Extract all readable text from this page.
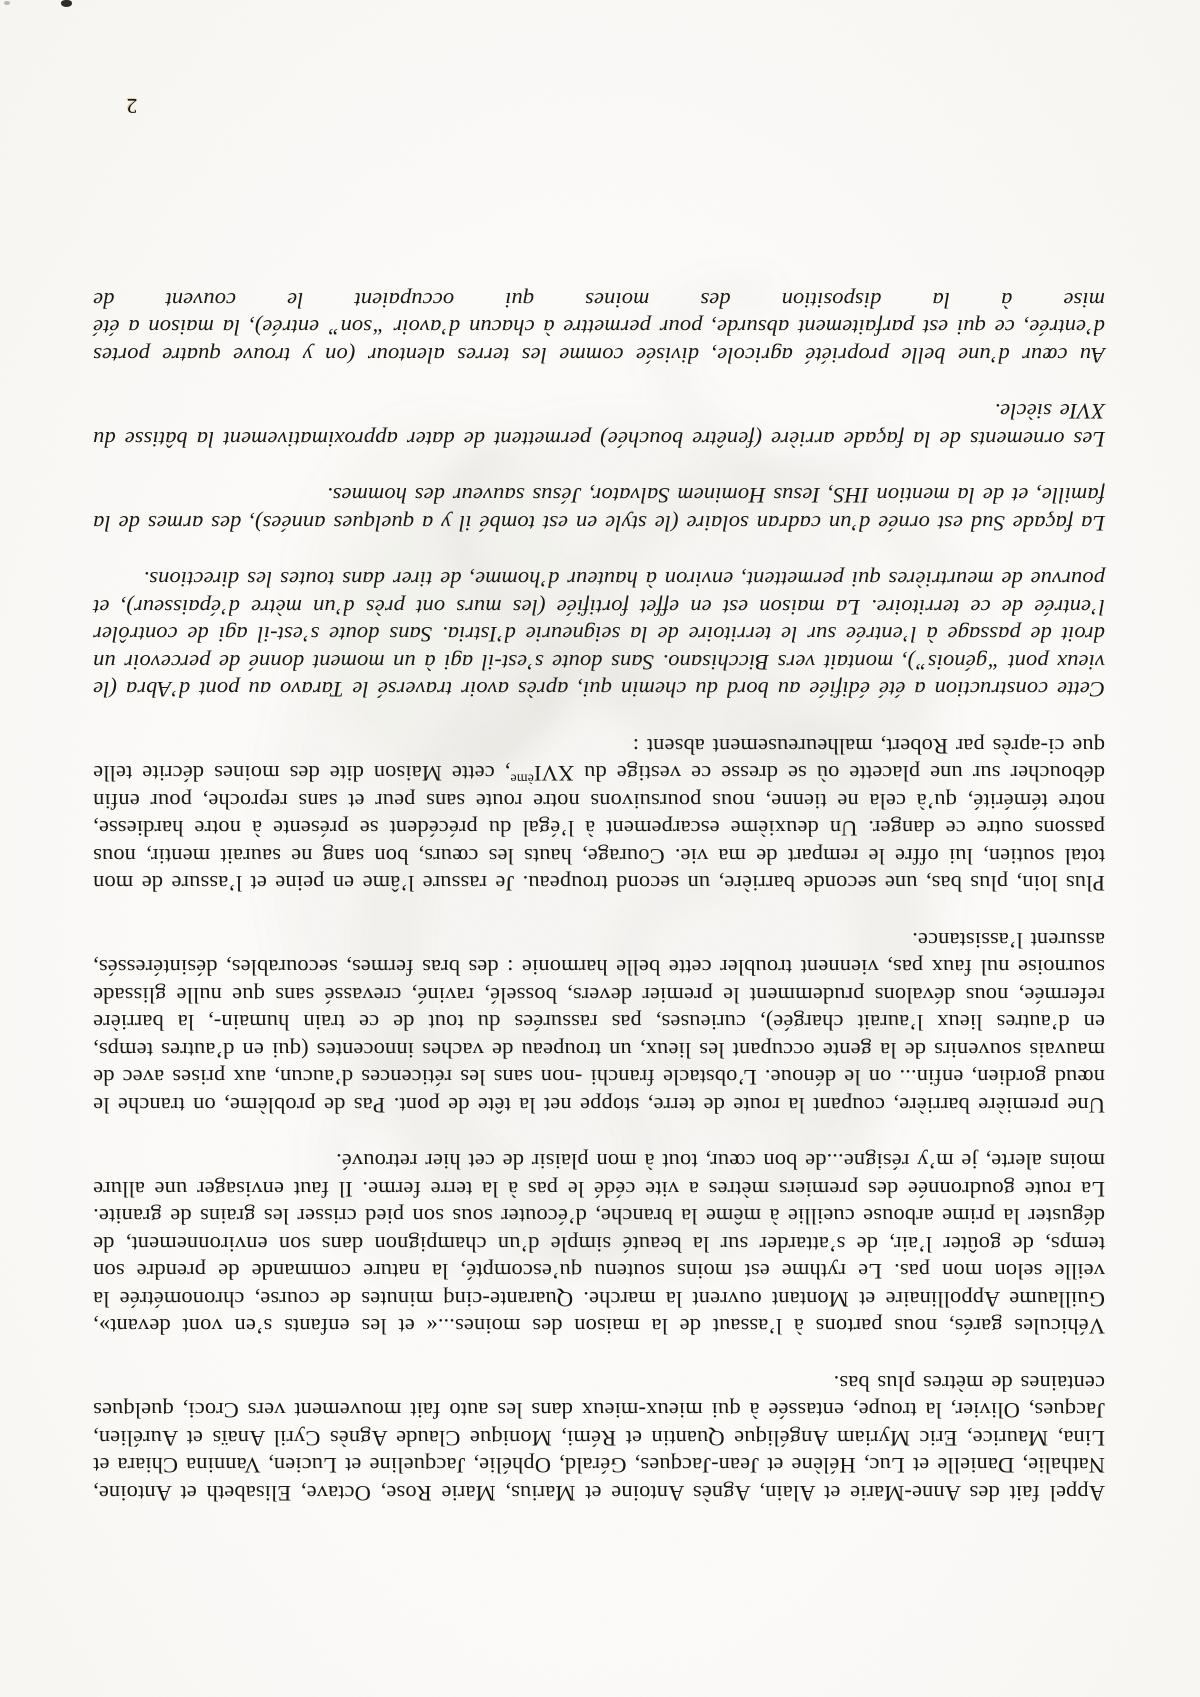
Appel fait des Anne-Marie et Alain, Agnès Antoine et Marius, Marie Rose, Octave, Elisabeth et Antoine, Nathalie, Danielle et Luc, Hélène et Jean-Jacques, Gérald, Ophélie, Jacqueline et Lucien, Vannina Chiara et Lina, Maurice, Eric Myriam Angélique Quantin et Rémi, Monique Claude Agnès Cyril Anaïs et Aurélien, Jacques, Olivier, la troupe, entassée à qui mieux-mieux dans les auto fait mouvement vers Croci, quelques centaines de mètres plus bas.

Véhicules garés, nous partons à l’assaut de la maison des moines...« et les enfants s’en vont devant», Guillaume Appollinaire et Montant ouvrent la marche. Quarante-cinq minutes de course, chronométrée la veille selon mon pas. Le rythme est moins soutenu qu’escompté, la nature commande de prendre son temps, de goûter l’air, de s’attarder sur la beauté simple d’un champignon dans son environnement, de déguster la prime arbouse cueillie à même la branche, d’écouter sous son pied crisser les grains de granite. La route goudronnée des premiers mètres a vite cédé le pas à la terre ferme. Il faut envisager une allure moins alerte, je m’y résigne...de bon cœur, tout à mon plaisir de cet hier retrouvé.

Une première barrière, coupant la route de terre, stoppe net la tête de pont. Pas de problème, on tranche le nœud gordien, enfin... on le dénoue. L’obstacle franchi -non sans les réticences d’aucun, aux prises avec de mauvais souvenirs de la gente occupant les lieux, un troupeau de vaches innocentes (qui en d’autres temps, en d’autres lieux l’aurait chargée), curieuses, pas rassurées du tout de ce train humain-, la barrière refermée, nous dévalons prudemment le premier devers, bosselé, raviné, crevassé sans que nulle glissade sournoise nul faux pas, viennent troubler cette belle harmonie : des bras fermes, secourables, désintéressés, assurent l’assistance.

Plus loin, plus bas, une seconde barrière, un second troupeau. Je rassure l’âme en peine et l’assure de mon total soutien, lui offre le rempart de ma vie. Courage, hauts les cœurs, bon sang ne saurait mentir, nous passons outre ce danger. Un deuxième escarpement à l’égal du précédent se présente à notre hardiesse, notre témérité, qu’à cela ne tienne, nous poursuivons notre route sans peur et sans reproche, pour enfin déboucher sur une placette où se dresse ce vestige du XVIème, cette Maison dite des moines décrite telle que ci-après par Robert, malheureusement absent :

Cette construction a été édifiée au bord du chemin qui, après avoir traversé le Taravo au pont d’Abra (le vieux pont “génois”), montait vers Bicchisano. Sans doute s’est-il agi à un moment donné de percevoir un droit de passage à l’entrée sur le territoire de la seigneurie d’Istria. Sans doute s’est-il agi de contrôler l’entrée de ce territoire. La maison est en effet fortifiée (les murs ont près d’un mètre d’épaisseur), et pourvue de meurtrières qui permettent, environ à hauteur d’homme, de tirer dans toutes les directions.

La façade Sud est ornée d’un cadran solaire (le style en est tombé il y a quelques années), des armes de la famille, et de la mention IHS, Iesus Hominem Salvator, Jésus sauveur des hommes.

Les ornements de la façade arrière (fenêtre bouchée) permettent de dater approximativement la bâtisse du XVIe siècle.

Au cœur d’une belle propriété agricole, divisée comme les terres alentour (on y trouve quatre portes d’entrée, ce qui est parfaitement absurde, pour permettre à chacun d’avoir “son” entrée), la maison a été mise à la disposition des moines qui occupaient le couvent de

2
